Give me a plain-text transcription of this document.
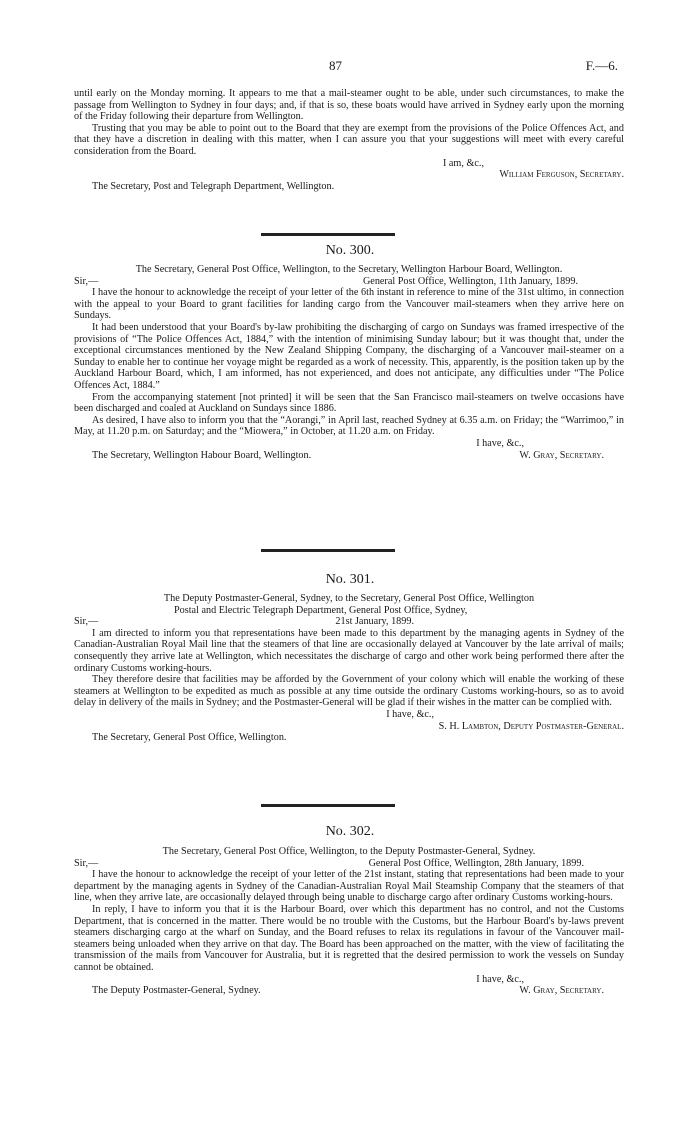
87	F.—6.

until early on the Monday morning. It appears to me that a mail-steamer ought to be able, under such circumstances, to make the passage from Wellington to Sydney in four days; and, if that is so, these boats would have arrived in Sydney early upon the morning of the Friday following their departure from Wellington.

Trusting that you may be able to point out to the Board that they are exempt from the provisions of the Police Offences Act, and that they have a discretion in dealing with this matter, when I can assure you that your suggestions will meet with every careful consideration from the Board.

I am, &c.,

William Ferguson, Secretary.

The Secretary, Post and Telegraph Department, Wellington.

No. 300.

The Secretary, General Post Office, Wellington, to the Secretary, Wellington Harbour Board, Wellington.

Sir,—	General Post Office, Wellington, 11th January, 1899.

I have the honour to acknowledge the receipt of your letter of the 6th instant in reference to mine of the 31st ultimo, in connection with the appeal to your Board to grant facilities for landing cargo from the Vancouver mail-steamers when they arrive here on Sundays.

It had been understood that your Board's by-law prohibiting the discharging of cargo on Sundays was framed irrespective of the provisions of “The Police Offences Act, 1884,” with the intention of minimising Sunday labour; but it was thought that, under the exceptional circumstances mentioned by the New Zealand Shipping Company, the discharging of a Vancouver mail-steamer on a Sunday to enable her to continue her voyage might be regarded as a work of necessity. This, apparently, is the position taken up by the Auckland Harbour Board, which, I am informed, has not experienced, and does not anticipate, any difficulties under “The Police Offences Act, 1884.”

From the accompanying statement [not printed] it will be seen that the San Francisco mail-steamers on twelve occasions have been discharged and coaled at Auckland on Sundays since 1886.

As desired, I have also to inform you that the “Aorangi,” in April last, reached Sydney at 6.35 a.m. on Friday; the “Warrimoo,” in May, at 11.20 p.m. on Saturday; and the “Miowera,” in October, at 11.20 a.m. on Friday.

I have, &c.,

The Secretary, Wellington Habour Board, Wellington.	W. Gray, Secretary.
No. 301.

The Deputy Postmaster-General, Sydney, to the Secretary, General Post Office, Wellington

Postal and Electric Telegraph Department, General Post Office, Sydney,

Sir,—	21st January, 1899.

I am directed to inform you that representations have been made to this department by the managing agents in Sydney of the Canadian-Australian Royal Mail line that the steamers of that line are occasionally delayed at Vancouver by the late arrival of mails; consequently they arrive late at Wellington, which necessitates the discharge of cargo and other work being performed there after the ordinary Customs working-hours.

They therefore desire that facilities may be afforded by the Government of your colony which will enable the working of these steamers at Wellington to be expedited as much as possible at any time outside the ordinary Customs working-hours, so as to avoid delay in delivery of the mails in Sydney; and the Postmaster-General will be glad if their wishes in the matter can be complied with.

I have, &c.,

S. H. Lambton, Deputy Postmaster-General.

The Secretary, General Post Office, Wellington.

No. 302.

The Secretary, General Post Office, Wellington, to the Deputy Postmaster-General, Sydney.

Sir,—	General Post Office, Wellington, 28th January, 1899.

I have the honour to acknowledge the receipt of your letter of the 21st instant, stating that representations had been made to your department by the managing agents in Sydney of the Canadian-Australian Royal Mail Steamship Company that the steamers of that line, when they arrive late, are occasionally delayed through being unable to discharge cargo after ordinary Customs working-hours.

In reply, I have to inform you that it is the Harbour Board, over which this department has no control, and not the Customs Department, that is concerned in the matter. There would be no trouble with the Customs, but the Harbour Board's by-laws prevent steamers discharging cargo at the wharf on Sunday, and the Board refuses to relax its regulations in favour of the Vancouver mail-steamers being unloaded when they arrive on that day. The Board has been approached on the matter, with the view of facilitating the transmission of the mails from Vancouver for Australia, but it is regretted that the desired permission to work the vessels on Sunday cannot be obtained.

I have, &c.,

The Deputy Postmaster-General, Sydney.	W. Gray, Secretary.
